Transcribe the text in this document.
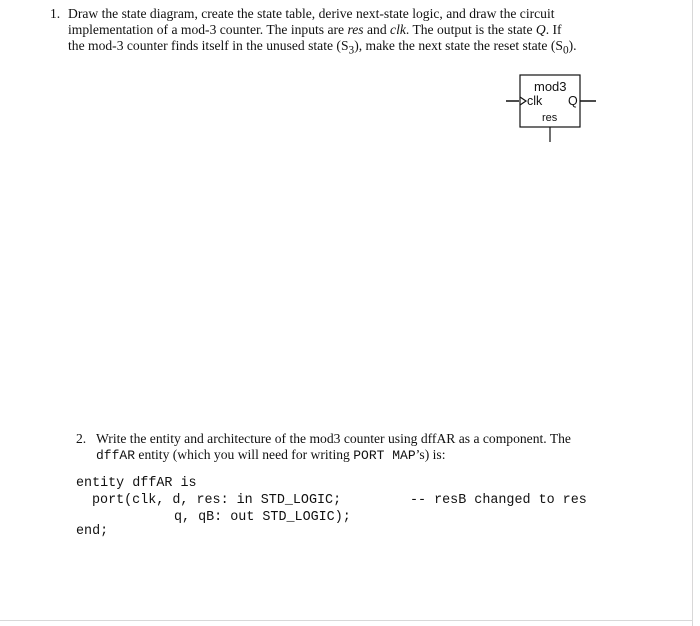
1. Draw the state diagram, create the state table, derive next-state logic, and draw the circuit
implementation of a mod-3 counter. The inputs are res and clk. The output is the state Q. If
the mod-3 counter finds itself in the unused state $(S_3)$, make the next state the reset state $(S_0)$.
mod3
clk Q
res
2. Write the entity and architecture of the mod3 counter using dffAR as a component. The
dffAR entity (which you will need for writing PORT MAP’s) is:
entity dffAR is
port(clk, d, res: in STD_LOGIC;	-- resB changed to res
q, qB: out STD_LOGIC);
end;
